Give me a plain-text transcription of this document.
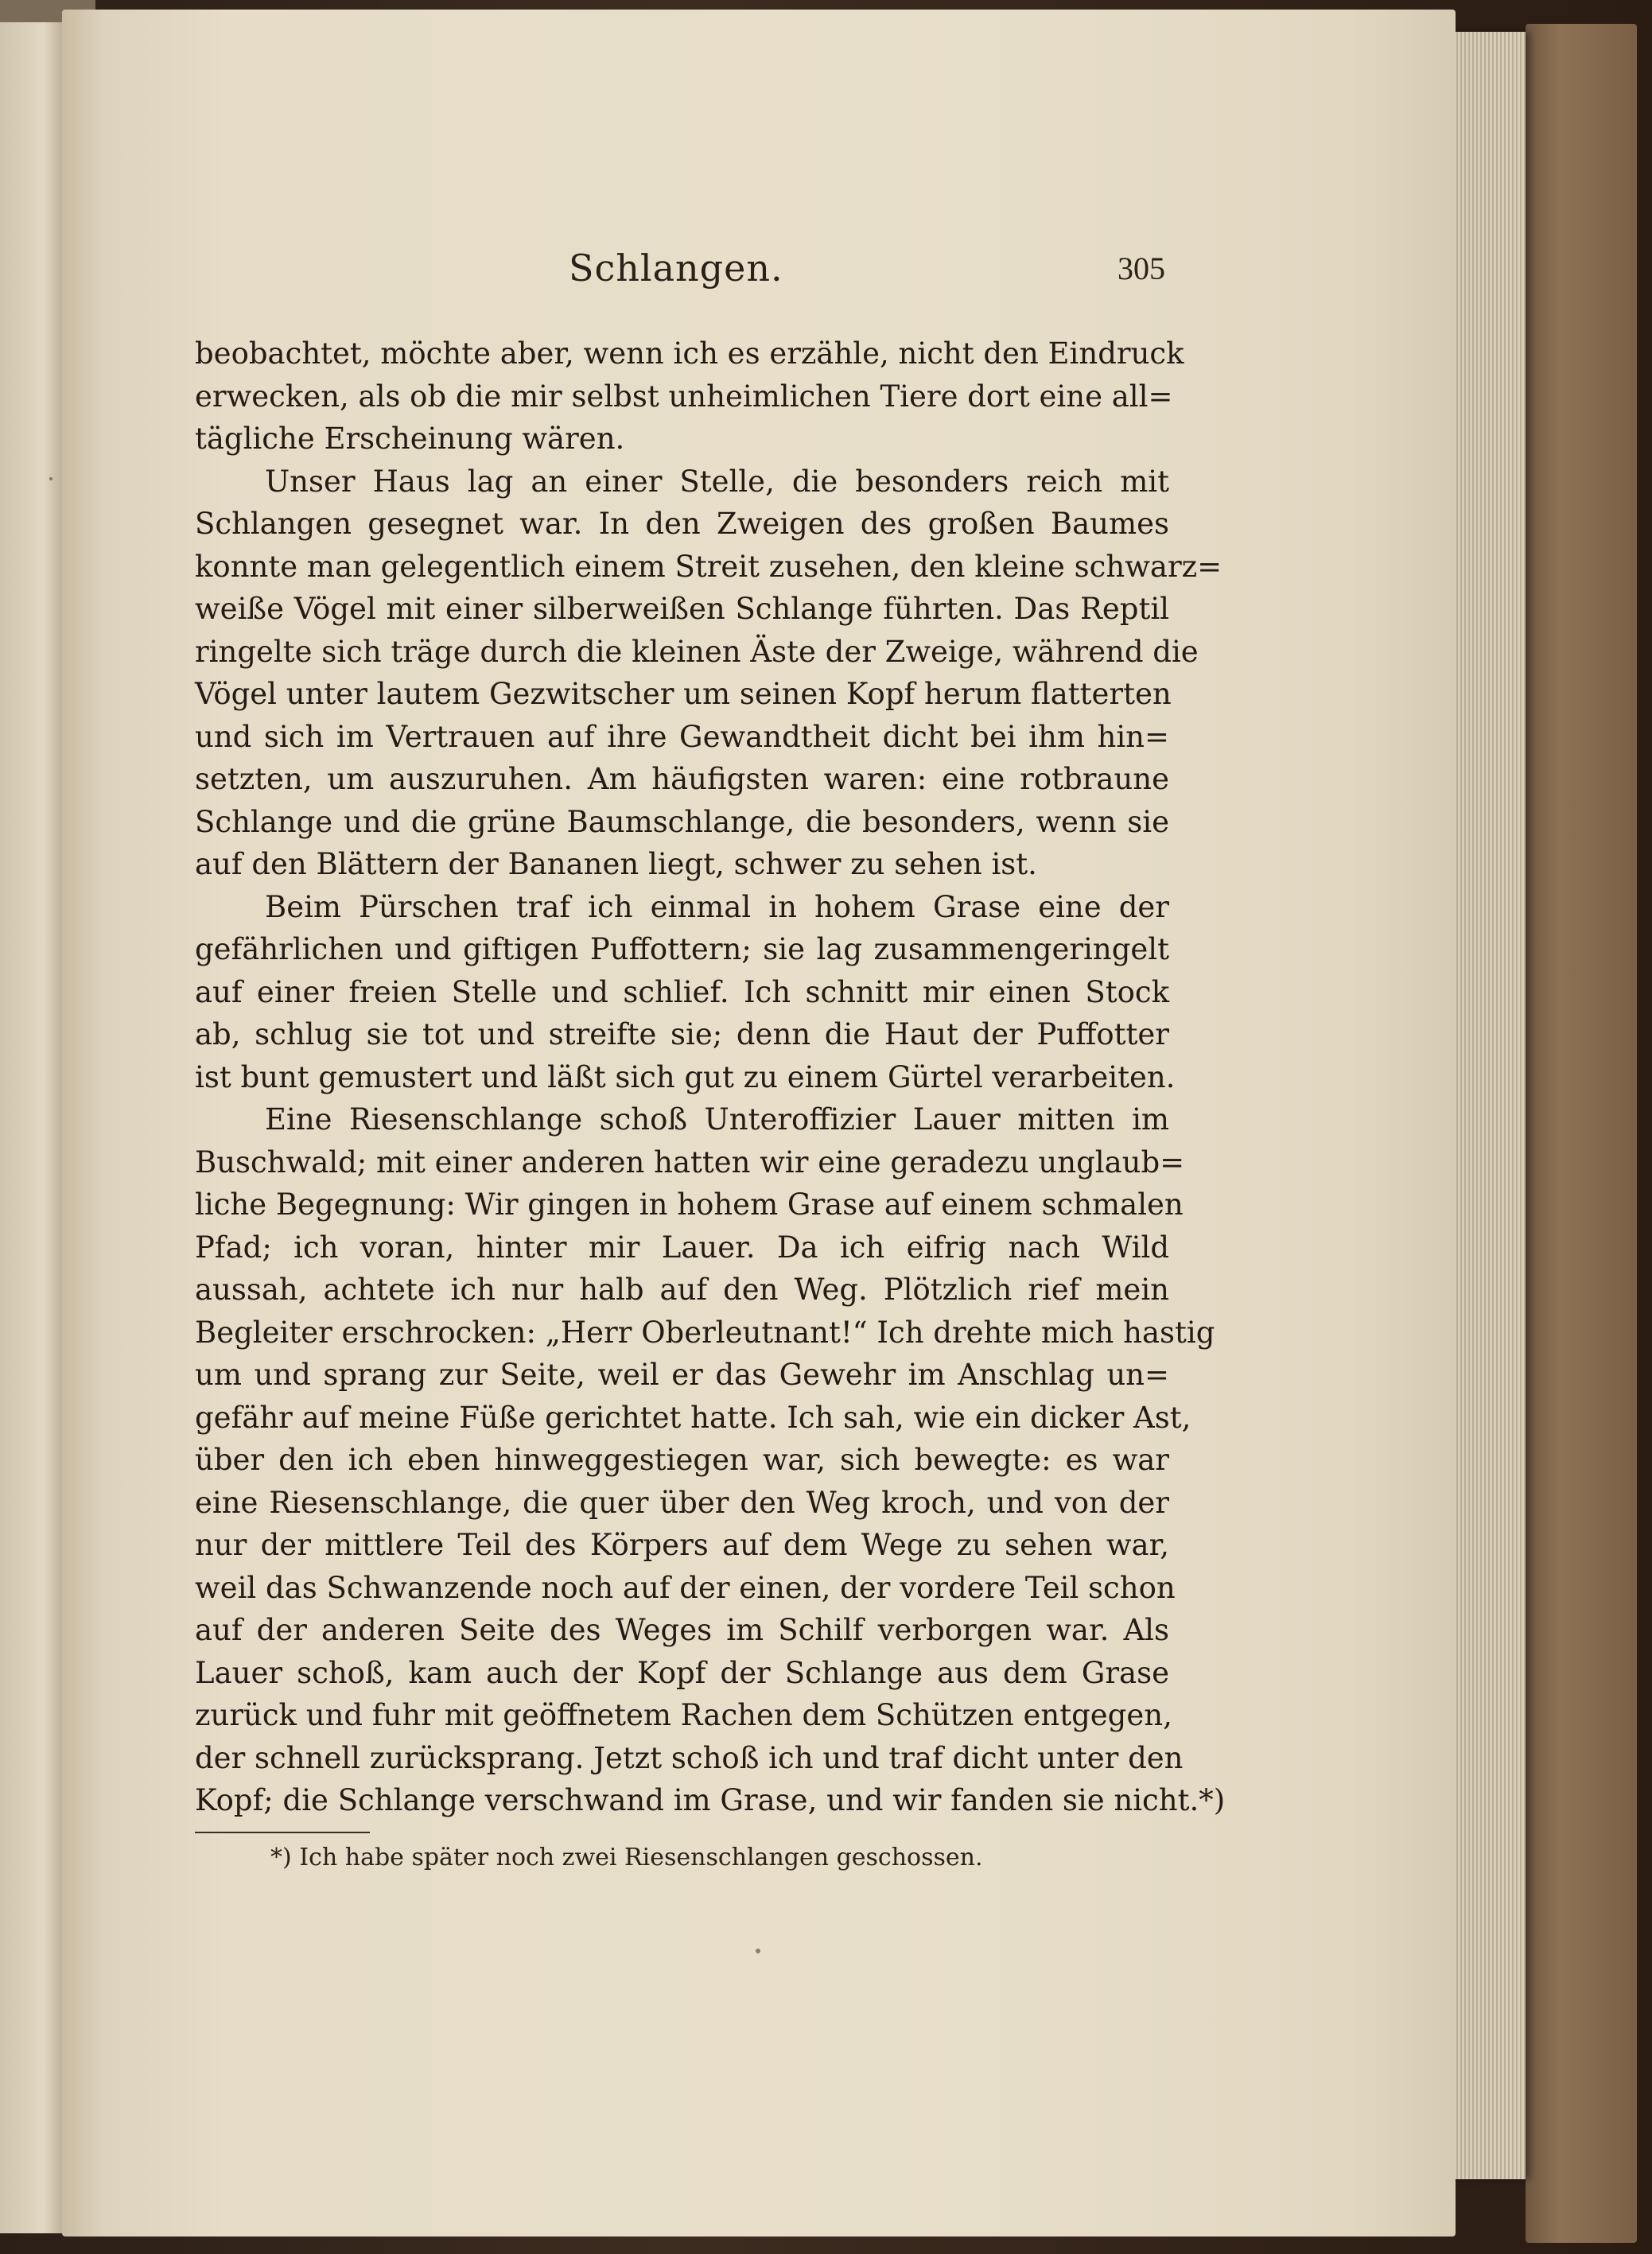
Schlangen.	305
beobachtet, möchte aber, wenn ich es erzähle, nicht den Eindruck
erwecken, als ob die mir selbst unheimlichen Tiere dort eine all=
tägliche Erscheinung wären.
Unser Haus lag an einer Stelle, die besonders reich mit
Schlangen gesegnet war. In den Zweigen des großen Baumes
konnte man gelegentlich einem Streit zusehen, den kleine schwarz=
weiße Vögel mit einer silberweißen Schlange führten. Das Reptil
ringelte sich träge durch die kleinen Äste der Zweige, während die
Vögel unter lautem Gezwitscher um seinen Kopf herum flatterten
und sich im Vertrauen auf ihre Gewandtheit dicht bei ihm hin=
setzten, um auszuruhen. Am häufigsten waren: eine rotbraune
Schlange und die grüne Baumschlange, die besonders, wenn sie
auf den Blättern der Bananen liegt, schwer zu sehen ist.
Beim Pürschen traf ich einmal in hohem Grase eine der
gefährlichen und giftigen Puffottern; sie lag zusammengeringelt
auf einer freien Stelle und schlief. Ich schnitt mir einen Stock
ab, schlug sie tot und streifte sie; denn die Haut der Puffotter
ist bunt gemustert und läßt sich gut zu einem Gürtel verarbeiten.
Eine Riesenschlange schoß Unteroffizier Lauer mitten im
Buschwald; mit einer anderen hatten wir eine geradezu unglaub=
liche Begegnung: Wir gingen in hohem Grase auf einem schmalen
Pfad; ich voran, hinter mir Lauer. Da ich eifrig nach Wild
aussah, achtete ich nur halb auf den Weg. Plötzlich rief mein
Begleiter erschrocken: „Herr Oberleutnant!“ Ich drehte mich hastig
um und sprang zur Seite, weil er das Gewehr im Anschlag un=
gefähr auf meine Füße gerichtet hatte. Ich sah, wie ein dicker Ast,
über den ich eben hinweggestiegen war, sich bewegte: es war
eine Riesenschlange, die quer über den Weg kroch, und von der
nur der mittlere Teil des Körpers auf dem Wege zu sehen war,
weil das Schwanzende noch auf der einen, der vordere Teil schon
auf der anderen Seite des Weges im Schilf verborgen war. Als
Lauer schoß, kam auch der Kopf der Schlange aus dem Grase
zurück und fuhr mit geöffnetem Rachen dem Schützen entgegen,
der schnell zurücksprang. Jetzt schoß ich und traf dicht unter den
Kopf; die Schlange verschwand im Grase, und wir fanden sie nicht.*)
*) Ich habe später noch zwei Riesenschlangen geschossen.
